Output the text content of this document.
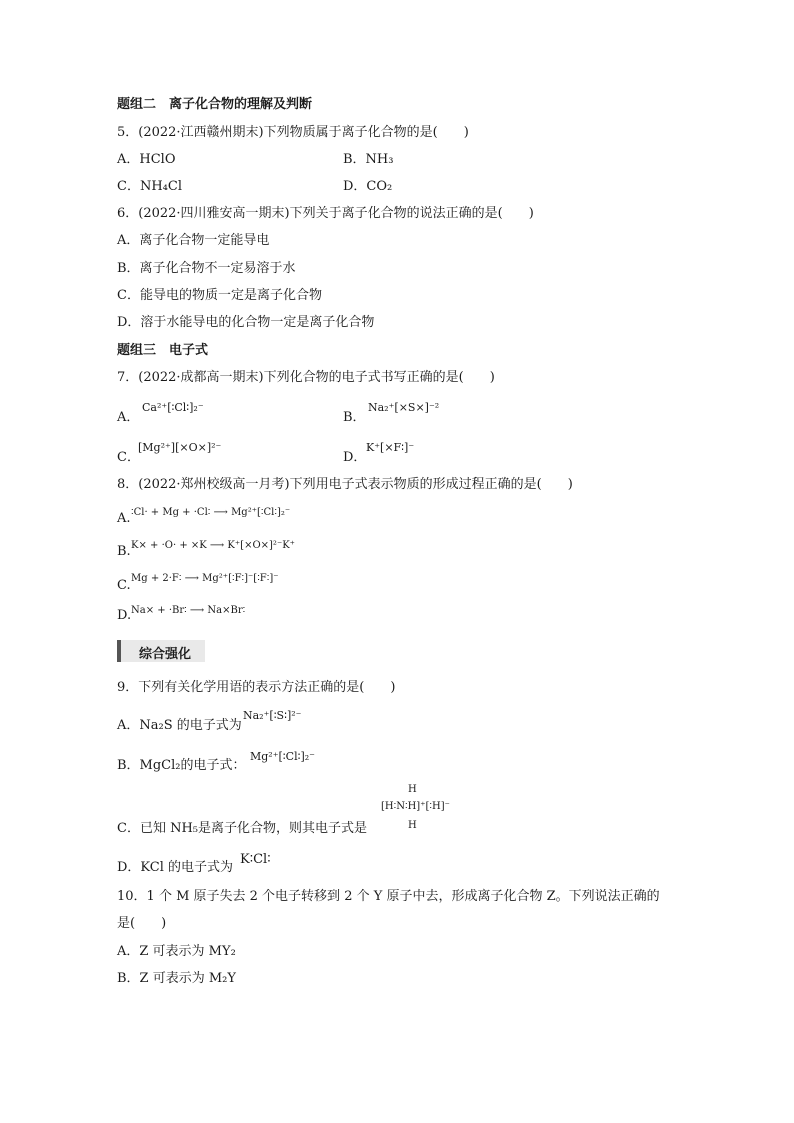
题组二　离子化合物的理解及判断
5．(2022·江西赣州期末)下列物质属于离子化合物的是(　　)
A．HClO	B．NH₃
C．NH₄Cl	D．CO₂
6．(2022·四川雅安高一期末)下列关于离子化合物的说法正确的是(　　)
A．离子化合物一定能导电
B．离子化合物不一定易溶于水
C．能导电的物质一定是离子化合物
D．溶于水能导电的化合物一定是离子化合物
题组三　电子式
7．(2022·成都高一期末)下列化合物的电子式书写正确的是(　　)
A．
Ca²⁺[∶Cl∶]₂⁻
B．
Na₂⁺[×S×]⁻²
C．
[Mg²⁺][×O×]²⁻
D．
K⁺[×F∶]⁻
8．(2022·郑州校级高一月考)下列用电子式表示物质的形成过程正确的是(　　)
A. ∶Cl· + Mg + ·Cl∶ ⟶ Mg²⁺[∶Cl∶]₂⁻
B. K× + ·O· + ×K ⟶ K⁺[×O×]²⁻K⁺
C. Mg + 2·F∶ ⟶ Mg²⁺[∶F∶]⁻[∶F∶]⁻
D. Na× + ·Br∶ ⟶ Na×Br∶
综合强化
9．下列有关化学用语的表示方法正确的是(　　)
A．Na₂S 的电子式为
Na₂⁺[∶S∶]²⁻
B．MgCl₂的电子式：
Mg²⁺[∶Cl∶]₂⁻
H
[H∶N∶H]⁺[∶H]⁻
H
C．已知 NH₅是离子化合物，则其电子式是
D．KCl 的电子式为
K∶Cl∶
10．1 个 M 原子失去 2 个电子转移到 2 个 Y 原子中去，形成离子化合物 Z。下列说法正确的
是(　　)
A．Z 可表示为 MY₂
B．Z 可表示为 M₂Y
